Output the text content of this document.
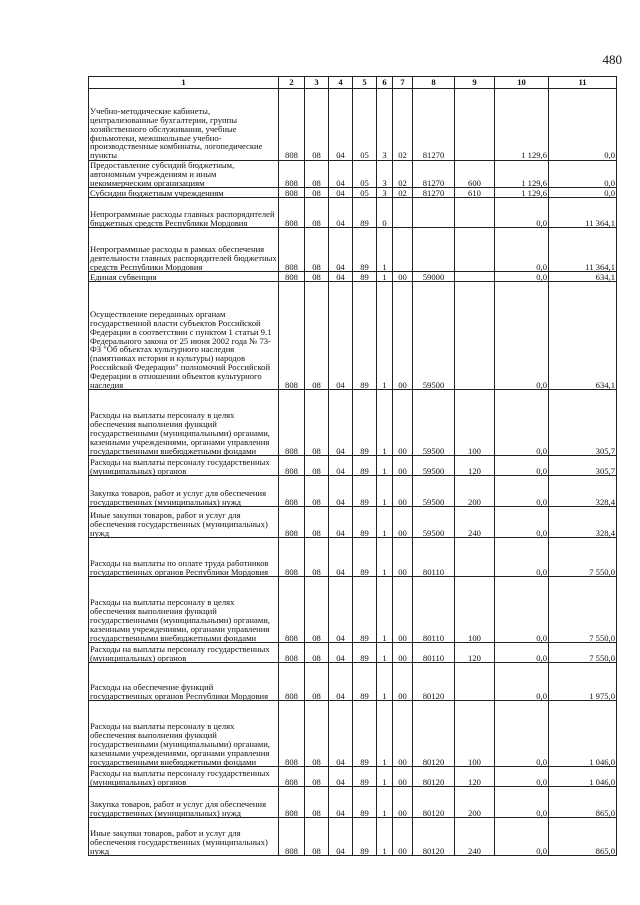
480
1	2	3	4	5	6	7	8	9	10	11
Учебно-методические кабинеты, централизованные бухгалтерии, группы хозяйственного обслуживания, учебные фильмотеки, межшкольные учебно-производственные комбинаты, логопедические пункты	808	08	04	05	3	02	81270		1 129,6	0,0
Предоставление субсидий бюджетным, автономным учреждениям и иным некоммерческим организациям	808	08	04	05	3	02	81270	600	1 129,6	0,0
Субсидии бюджетным учреждениям	808	08	04	05	3	02	81270	610	1 129,6	0,0
Непрограммные расходы главных распорядителей бюджетных средств Республики Мордовия	808	08	04	89	0				0,0	11 364,1
Непрограммные расходы в рамках обеспечения деятельности главных распорядителей бюджетных средств Республики Мордовия	808	08	04	89	1				0,0	11 364,1
Единая субвенция	808	08	04	89	1	00	59000		0,0	634,1
Осуществление переданных органам государственной власти субъектов Российской Федерации в соответствии с пунктом 1 статьи 9.1 Федерального закона от 25 июня 2002 года № 73-ФЗ "Об объектах культурного наследия (памятниках истории и культуры) народов Российской Федерации" полномочий Российской Федерации в отношении объектов культурного наследия	808	08	04	89	1	00	59500		0,0	634,1
Расходы на выплаты персоналу в целях обеспечения выполнения функций государственными (муниципальными) органами, казенными учреждениями, органами управления государственными внебюджетными фондами	808	08	04	89	1	00	59500	100	0,0	305,7
Расходы на выплаты персоналу государственных (муниципальных) органов	808	08	04	89	1	00	59500	120	0,0	305,7
Закупка товаров, работ и услуг для обеспечения государственных (муниципальных) нужд	808	08	04	89	1	00	59500	200	0,0	328,4
Иные закупки товаров, работ и услуг для обеспечения государственных (муниципальных) нужд	808	08	04	89	1	00	59500	240	0,0	328,4
Расходы на выплаты по оплате труда работников государственных органов Республики Мордовия	808	08	04	89	1	00	80110		0,0	7 550,0
Расходы на выплаты персоналу в целях обеспечения выполнения функций государственными (муниципальными) органами, казенными учреждениями, органами управления государственными внебюджетными фондами	808	08	04	89	1	00	80110	100	0,0	7 550,0
Расходы на выплаты персоналу государственных (муниципальных) органов	808	08	04	89	1	00	80110	120	0,0	7 550,0
Расходы на обеспечение функций государственных органов Республики Мордовия	808	08	04	89	1	00	80120		0,0	1 975,0
Расходы на выплаты персоналу в целях обеспечения выполнения функций государственными (муниципальными) органами, казенными учреждениями, органами управления государственными внебюджетными фондами	808	08	04	89	1	00	80120	100	0,0	1 046,0
Расходы на выплаты персоналу государственных (муниципальных) органов	808	08	04	89	1	00	80120	120	0,0	1 046,0
Закупка товаров, работ и услуг для обеспечения государственных (муниципальных) нужд	808	08	04	89	1	00	80120	200	0,0	865,0
Иные закупки товаров, работ и услуг для обеспечения государственных (муниципальных) нужд	808	08	04	89	1	00	80120	240	0,0	865,0
